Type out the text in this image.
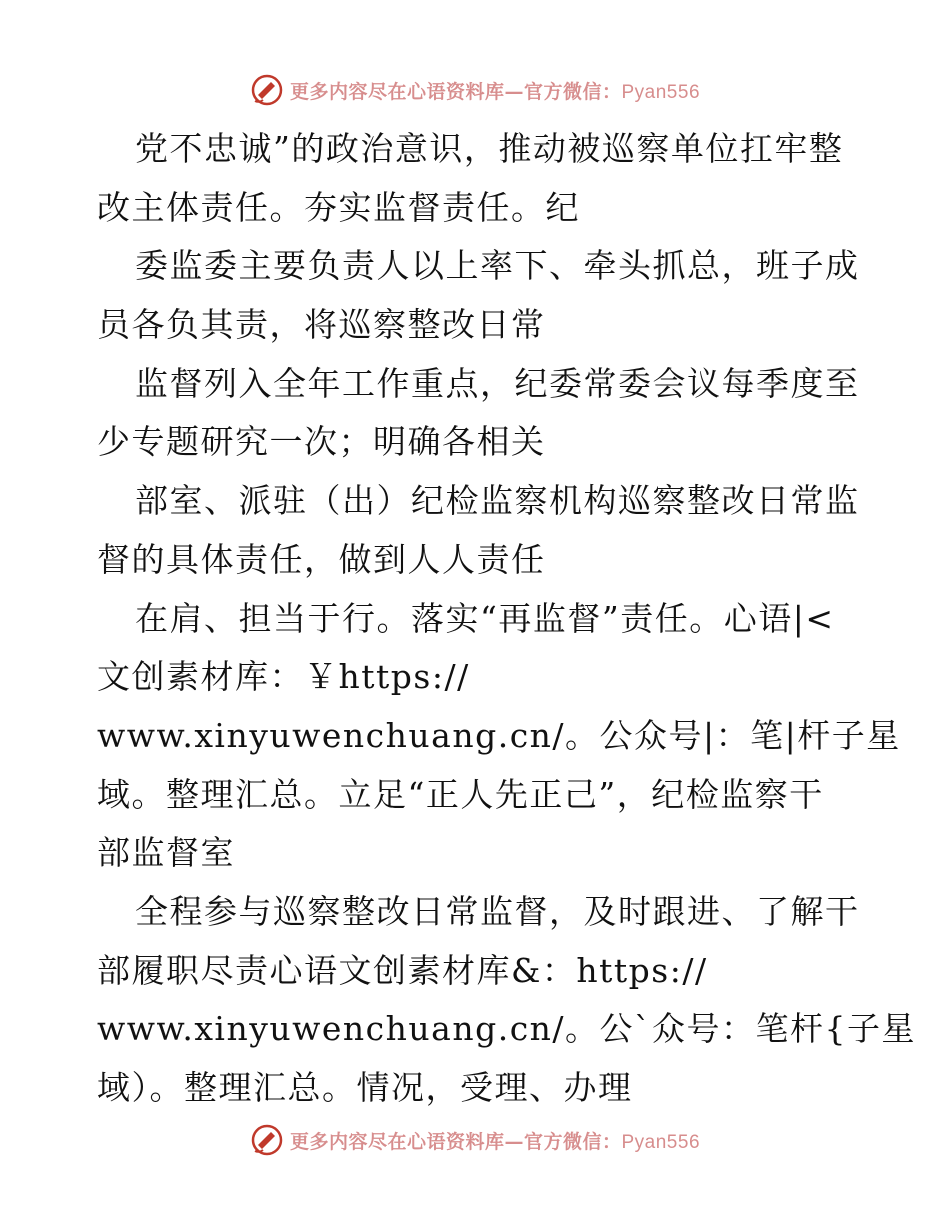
更多内容尽在心语资料库—官方微信：Pyan556
党不忠诚”的政治意识，推动被巡察单位扛牢整
改主体责任。夯实监督责任。纪
委监委主要负责人以上率下、牵头抓总，班子成
员各负其责，将巡察整改日常
监督列入全年工作重点，纪委常委会议每季度至
少专题研究一次；明确各相关
部室、派驻（出）纪检监察机构巡察整改日常监
督的具体责任，做到人人责任
在肩、担当于行。落实“再监督”责任。心语|<
文创素材库：￥https://
www.xinyuwenchuang.cn/。公众号|：笔|杆子星
域。整理汇总。立足“正人先正己”，纪检监察干
部监督室
全程参与巡察整改日常监督，及时跟进、了解干
部履职尽责心语文创素材库&：https://
www.xinyuwenchuang.cn/。公`众号：笔杆{子星
域）。整理汇总。情况，受理、办理
更多内容尽在心语资料库—官方微信：Pyan556
